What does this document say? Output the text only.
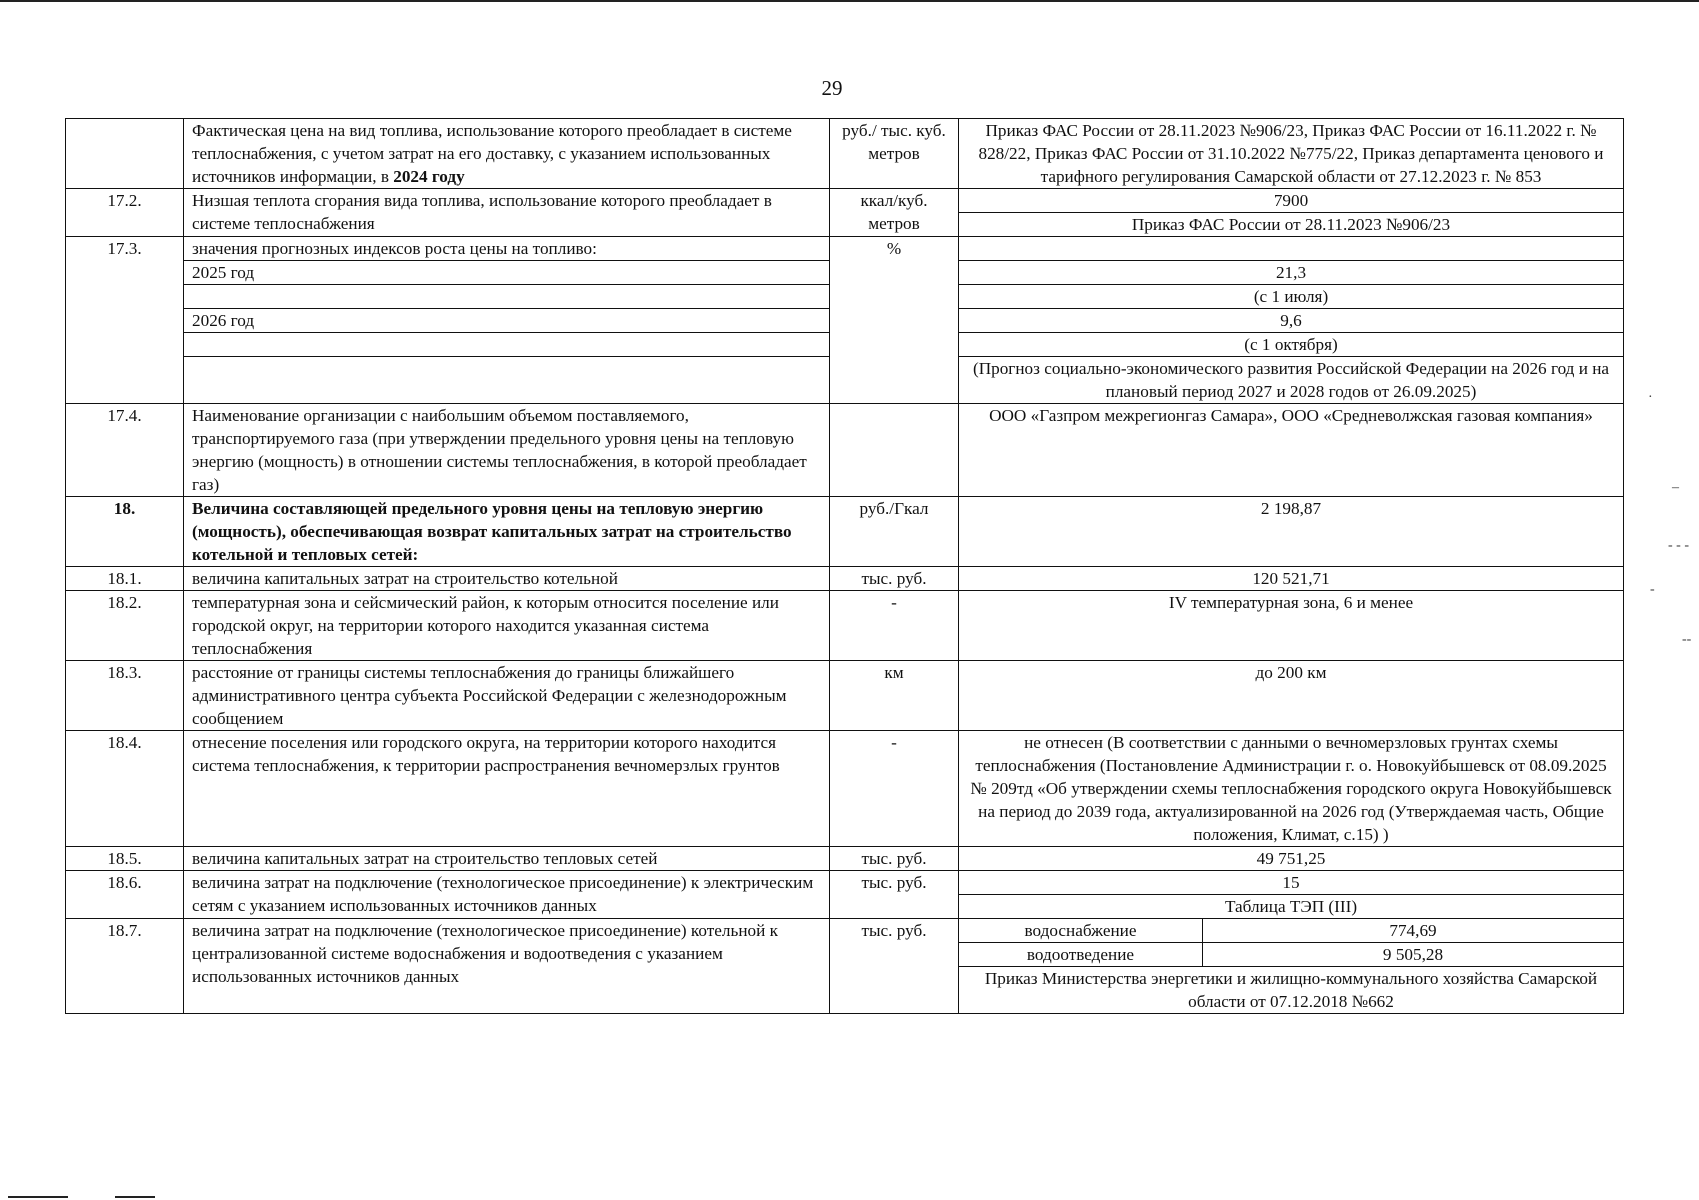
29
	Фактическая цена на вид топлива, использование которого преобладает в системе теплоснабжения, с учетом затрат на его доставку, с указанием использованных источников информации, в 2024 году	руб./ тыс. куб. метров	Приказ ФАС России от 28.11.2023 №906/23, Приказ ФАС России от 16.11.2022 г. № 828/22, Приказ ФАС России от 31.10.2022 №775/22, Приказ департамента ценового и тарифного регулирования Самарской области от 27.12.2023 г. № 853	
17.2.	Низшая теплота сгорания вида топлива, использование которого преобладает в системе теплоснабжения	ккал/куб. метров	7900	
			Приказ ФАС России от 28.11.2023 №906/23	
17.3.	значения прогнозных индексов роста цены на топливо:	%		
	2025 год		21,3	
			(с 1 июля)	
	2026 год		9,6	
			(с 1 октября)	
			(Прогноз социально-экономического развития Российской Федерации на 2026 год и на плановый период 2027 и 2028 годов от 26.09.2025)	
17.4.	Наименование организации с наибольшим объемом поставляемого, транспортируемого газа (при утверждении предельного уровня цены на тепловую энергию (мощность) в отношении системы теплоснабжения, в которой преобладает газ)		ООО «Газпром межрегионгаз Самара», ООО «Средневолжская газовая компания»	
18.	Величина составляющей предельного уровня цены на тепловую энергию (мощность), обеспечивающая возврат капитальных затрат на строительство котельной и тепловых сетей:	руб./Гкал	2 198,87	
18.1.	величина капитальных затрат на строительство котельной	тыс. руб.	120 521,71	
18.2.	температурная зона и сейсмический район, к которым относится поселение или городской округ, на территории которого находится указанная система теплоснабжения	-	IV температурная зона, 6 и менее	
18.3.	расстояние от границы системы теплоснабжения до границы ближайшего административного центра субъекта Российской Федерации с железнодорожным сообщением	км	до 200 км	
18.4.	отнесение поселения или городского округа, на территории которого находится система теплоснабжения, к территории распространения вечномерзлых грунтов	-	не отнесен (В соответствии с данными о вечномерзловых грунтах схемы теплоснабжения (Постановление Администрации г. о. Новокуйбышевск от 08.09.2025 № 209тд «Об утверждении схемы теплоснабжения городского округа Новокуйбышевск на период до 2039 года, актуализированной на 2026 год (Утверждаемая часть, Общие положения, Климат, с.15) )	
18.5.	величина капитальных затрат на строительство тепловых сетей	тыс. руб.	49 751,25	
18.6.	величина затрат на подключение (технологическое присоединение) к электрическим сетям с указанием использованных источников данных	тыс. руб.	15	
			Таблица ТЭП (III)	
18.7.	величина затрат на подключение (технологическое присоединение) котельной к централизованной системе водоснабжения и водоотведения с указанием использованных источников данных	тыс. руб.	водоснабжение	774,69
			водоотведение	9 505,28
			Приказ Министерства энергетики и жилищно-коммунального хозяйства Самарской области от 07.12.2018 №662	
·
–
- - -
-
--
